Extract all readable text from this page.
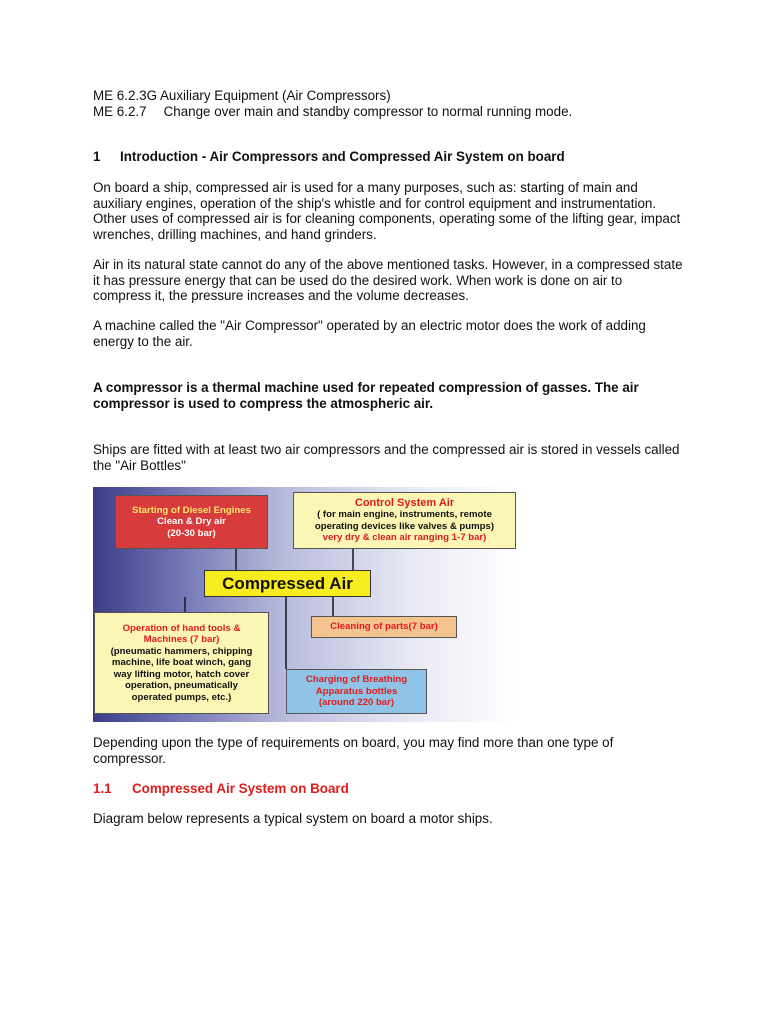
ME 6.2.3G Auxiliary Equipment (Air Compressors)
ME 6.2.7 Change over main and standby compressor to normal running mode.
1 Introduction - Air Compressors and Compressed Air System on board

On board a ship, compressed air is used for a many purposes, such as: starting of main and auxiliary engines, operation of the ship's whistle and for control equipment and instrumentation. Other uses of compressed air is for cleaning components, operating some of the lifting gear, impact wrenches, drilling machines, and hand grinders.

Air in its natural state cannot do any of the above mentioned tasks. However, in a compressed state it has pressure energy that can be used do the desired work. When work is done on air to compress it, the pressure increases and the volume decreases.

A machine called the "Air Compressor" operated by an electric motor does the work of adding energy to the air.

A compressor is a thermal machine used for repeated compression of gasses. The air compressor is used to compress the atmospheric air.

Ships are fitted with at least two air compressors and the compressed air is stored in vessels called the "Air Bottles"

Starting of Diesel Engines
Clean & Dry air
(20-30 bar)
Control System Air
( for main engine, instruments, remote
operating devices like valves & pumps)
very dry & clean air ranging 1-7 bar)
Compressed Air
Operation of hand tools &
Machines (7 bar)
(pneumatic hammers, chipping
machine, life boat winch, gang
way lifting motor, hatch cover
operation, pneumatically
operated pumps, etc.)
Cleaning of parts(7 bar)
Charging of Breathing
Apparatus bottles
(around 220 bar)

Depending upon the type of requirements on board, you may find more than one type of compressor.

1.1 Compressed Air System on Board

Diagram below represents a typical system on board a motor ships.
